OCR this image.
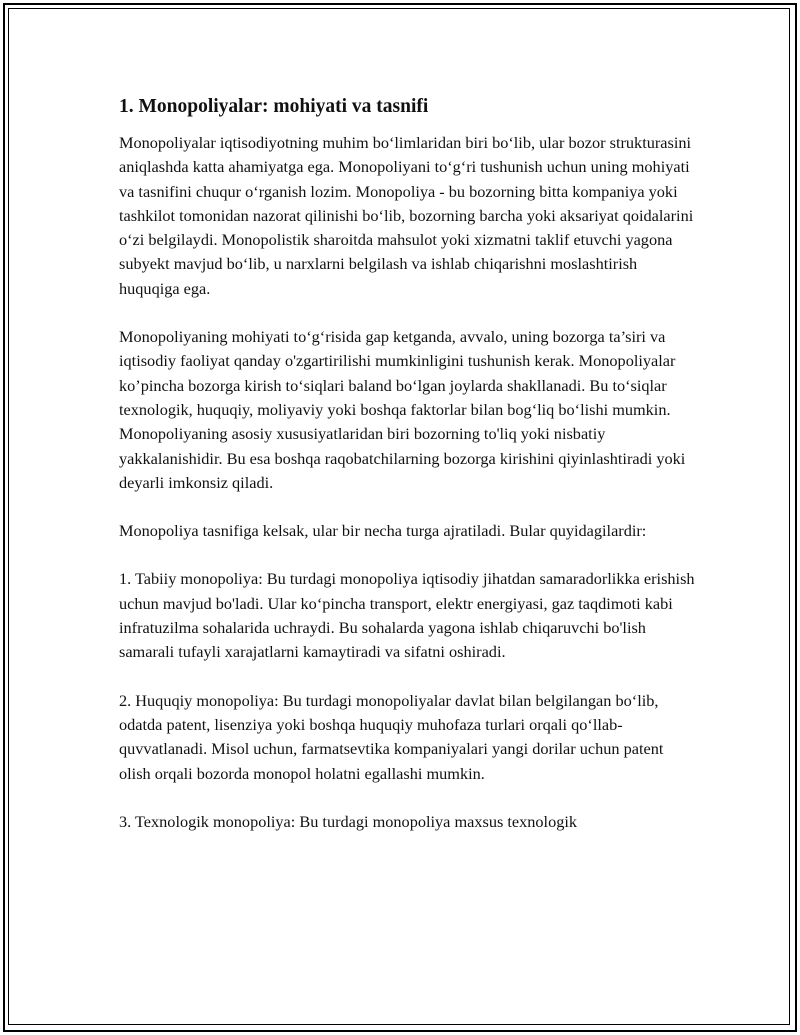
1. Monopoliyalar: mohiyati va tasnifi

Monopoliyalar iqtisodiyotning muhim bo‘limlaridan biri bo‘lib, ular bozor strukturasini aniqlashda katta ahamiyatga ega. Monopoliyani to‘g‘ri tushunish uchun uning mohiyati va tasnifini chuqur o‘rganish lozim. Monopoliya - bu bozorning bitta kompaniya yoki tashkilot tomonidan nazorat qilinishi bo‘lib, bozorning barcha yoki aksariyat qoidalarini o‘zi belgilaydi. Monopolistik sharoitda mahsulot yoki xizmatni taklif etuvchi yagona subyekt mavjud bo‘lib, u narxlarni belgilash va ishlab chiqarishni moslashtirish huquqiga ega.

Monopoliyaning mohiyati to‘g‘risida gap ketganda, avvalo, uning bozorga ta’siri va iqtisodiy faoliyat qanday o'zgartirilishi mumkinligini tushunish kerak. Monopoliyalar ko’pincha bozorga kirish to‘siqlari baland bo‘lgan joylarda shakllanadi. Bu to‘siqlar texnologik, huquqiy, moliyaviy yoki boshqa faktorlar bilan bog‘liq bo‘lishi mumkin. Monopoliyaning asosiy xususiyatlaridan biri bozorning to'liq yoki nisbatiy yakkalanishidir. Bu esa boshqa raqobatchilarning bozorga kirishini qiyinlashtiradi yoki deyarli imkonsiz qiladi.

Monopoliya tasnifiga kelsak, ular bir necha turga ajratiladi. Bular quyidagilardir:

1. Tabiiy monopoliya: Bu turdagi monopoliya iqtisodiy jihatdan samaradorlikka erishish uchun mavjud bo'ladi. Ular ko‘pincha transport, elektr energiyasi, gaz taqdimoti kabi infratuzilma sohalarida uchraydi. Bu sohalarda yagona ishlab chiqaruvchi bo'lish samarali tufayli xarajatlarni kamaytiradi va sifatni oshiradi.

2. Huquqiy monopoliya: Bu turdagi monopoliyalar davlat bilan belgilangan bo‘lib, odatda patent, lisenziya yoki boshqa huquqiy muhofaza turlari orqali qo‘llab-quvvatlanadi. Misol uchun, farmatsevtika kompaniyalari yangi dorilar uchun patent olish orqali bozorda monopol holatni egallashi mumkin.

3. Texnologik monopoliya: Bu turdagi monopoliya maxsus texnologik
